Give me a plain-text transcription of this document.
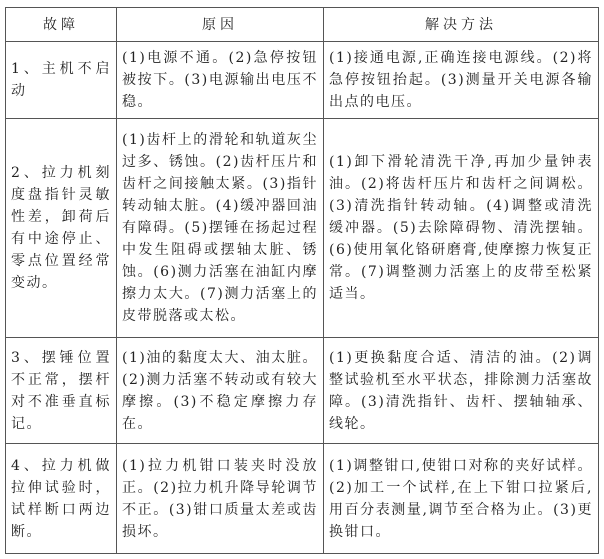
故障	原因	解决方法
1、主机不启动	(1)电源不通。(2)急停按钮被按下。(3)电源输出电压不稳。	(1)接通电源,正确连接电源线。(2)将急停按钮抬起。(3)测量开关电源各输出点的电压。
2、拉力机刻度盘指针灵敏性差，卸荷后有中途停止、零点位置经常变动。	(1)齿杆上的滑轮和轨道灰尘过多、锈蚀。(2)齿杆压片和齿杆之间接触太紧。(3)指针转动轴太脏。(4)缓冲器回油有障碍。(5)摆锤在扬起过程中发生阻碍或摆轴太脏、锈蚀。(6)测力活塞在油缸内摩擦力太大。(7)测力活塞上的皮带脱落或太松。	(1)卸下滑轮清洗干净,再加少量钟表油。(2)将齿杆压片和齿杆之间调松。(3)清洗指针转动轴。(4)调整或清洗缓冲器。(5)去除障碍物、清洗摆轴。(6)使用氧化铬研磨膏,使摩擦力恢复正常。(7)调整测力活塞上的皮带至松紧适当。
3、摆锤位置不正常，摆杆对不准垂直标记。	(1)油的黏度太大、油太脏。(2)测力活塞不转动或有较大摩擦。(3)不稳定摩擦力存在。	(1)更换黏度合适、清洁的油。(2)调整试验机至水平状态，排除测力活塞故障。(3)清洗指针、齿杆、摆轴轴承、线轮。
4、拉力机做拉伸试验时，试样断口两边断。	(1)拉力机钳口装夹时没放正。(2)拉力机升降导轮调节不正。(3)钳口质量太差或齿损坏。	(1)调整钳口,使钳口对称的夹好试样。(2)加工一个试样,在上下钳口拉紧后,用百分表测量,调节至合格为止。(3)更换钳口。
